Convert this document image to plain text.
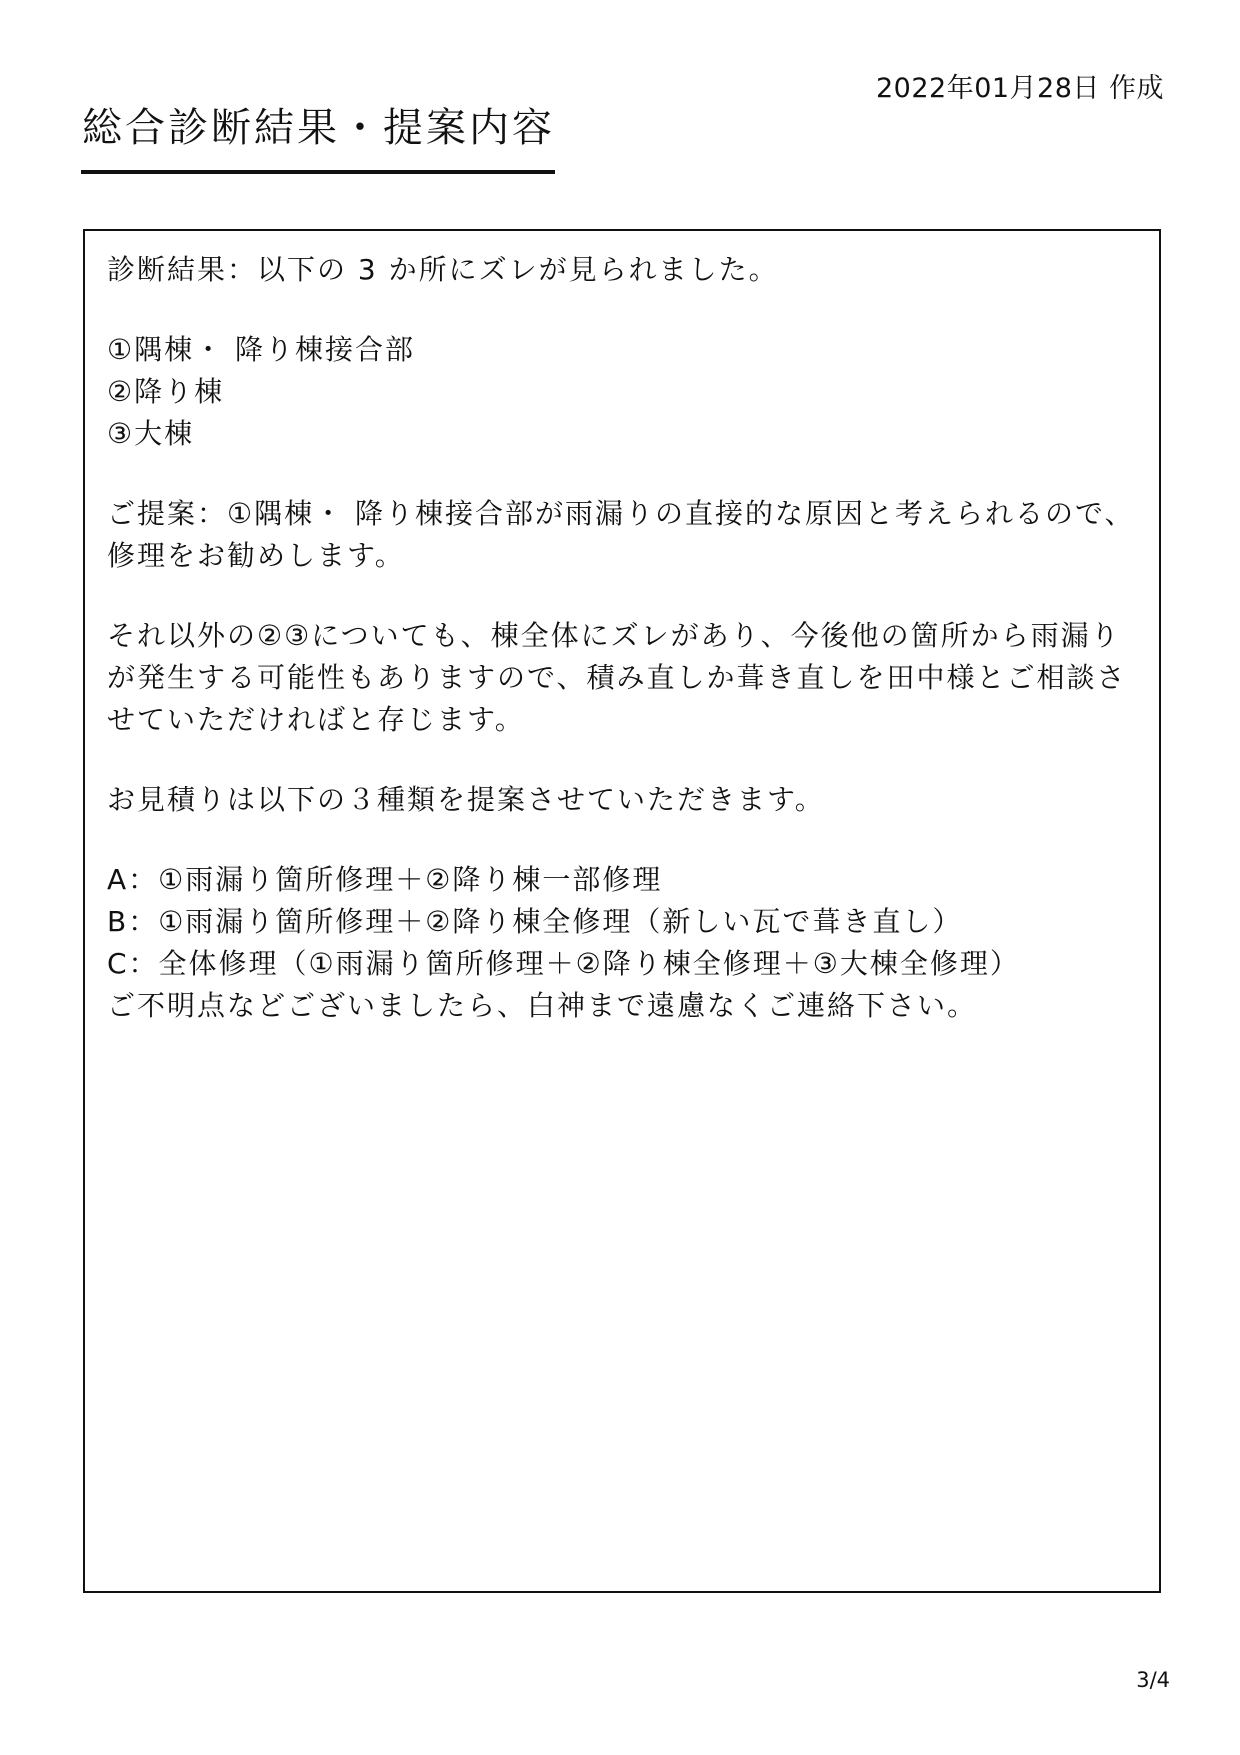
2022年01月28日 作成
総合診断結果・提案内容
診断結果：以下の 3 か所にズレが見られました。
①隅棟・ 降り棟接合部
②降り棟
③大棟
ご提案：①隅棟・ 降り棟接合部が雨漏りの直接的な原因と考えられるので、修理をお勧めします。
それ以外の②③についても、棟全体にズレがあり、今後他の箇所から雨漏りが発生する可能性もありますので、積み直しか葺き直しを田中様とご相談させていただければと存じます。
お見積りは以下の３種類を提案させていただきます。
A：①雨漏り箇所修理＋②降り棟一部修理
B：①雨漏り箇所修理＋②降り棟全修理（新しい瓦で葺き直し）
C：全体修理（①雨漏り箇所修理＋②降り棟全修理＋③大棟全修理）
ご不明点などございましたら、白神まで遠慮なくご連絡下さい。
3/4
